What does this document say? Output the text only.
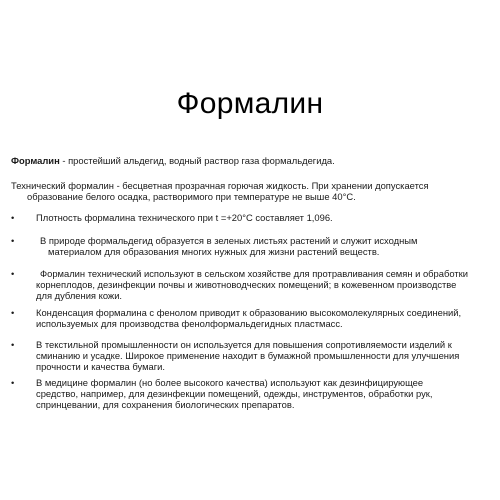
Формалин
Формалин - простейший альдегид, водный раствор газа формальдегида.
Технический формалин - бесцветная прозрачная горючая жидкость. При хранении допускается
образование белого осадка, растворимого при температуре не выше 40°С.
• Плотность формалина технического при t =+20°С составляет 1,096.
•	В природе формальдегид образуется в зеленых листьях растений и служит исходным
материалом для образования многих нужных для жизни растений веществ.
•	Формалин технический используют в сельском хозяйстве для протравливания семян и обработки
корнеплодов, дезинфекции почвы и животноводческих помещений; в кожевенном производстве
для дубления кожи.
• Конденсация формалина с фенолом приводит к образованию высокомолекулярных соединений,
используемых для производства фенолформальдегидных пластмасс.
• В текстильной промышленности он используется для повышения сопротивляемости изделий к
сминанию и усадке. Широкое применение находит в бумажной промышленности для улучшения
прочности и качества бумаги.
• В медицине формалин (но более высокого качества) используют как дезинфицирующее
средство, например, для дезинфекции помещений, одежды, инструментов, обработки рук,
спринцевании, для сохранения биологических препаратов.
